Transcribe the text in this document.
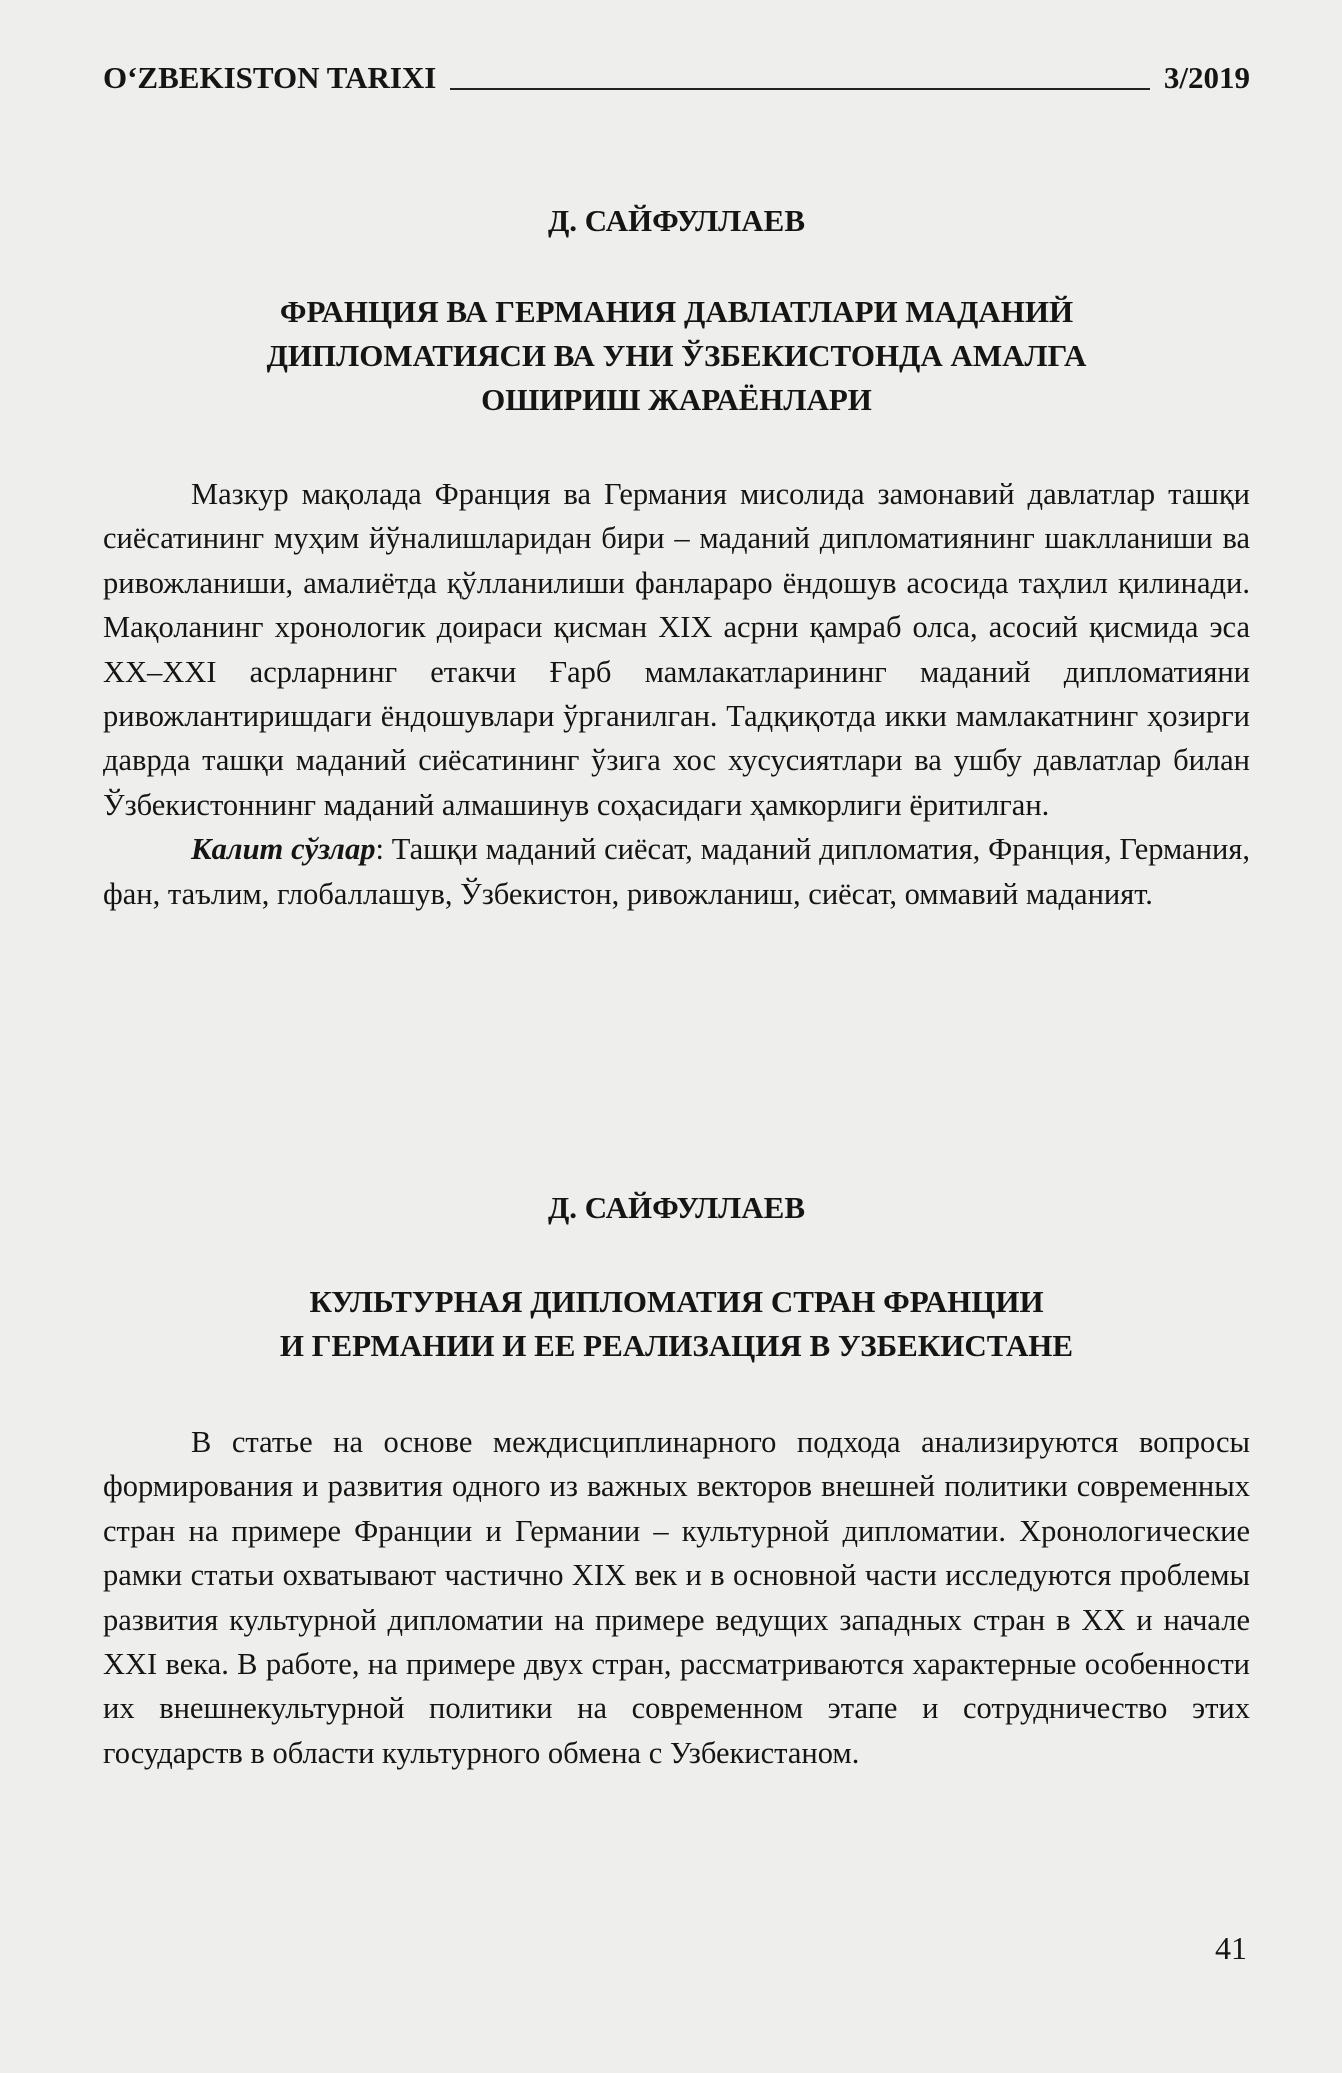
O‘ZBEKISTON TARIXI	3/2019
Д. САЙФУЛЛАЕВ
ФРАНЦИЯ ВА ГЕРМАНИЯ ДАВЛАТЛАРИ МАДАНИЙ
ДИПЛОМАТИЯСИ ВА УНИ ЎЗБЕКИСТОНДА АМАЛГА
ОШИРИШ ЖАРАЁНЛАРИ

Мазкур мақолада Франция ва Германия мисолида замонавий давлатлар ташқи сиёсатининг муҳим йўналишларидан бири – маданий дипломатиянинг шаклланиши ва ривожланиши, амалиётда қўлланилиши фанлараро ёндошув асосида таҳлил қилинади. Мақоланинг хронологик доираси қисман XIX асрни қамраб олса, асосий қисмида эса XX–XXI асрларнинг етакчи Ғарб мамлакатларининг маданий дипломатияни ривожлантиришдаги ёндошувлари ўрганилган. Тадқиқотда икки мамлакатнинг ҳозирги даврда ташқи маданий сиёсатининг ўзига хос хусусиятлари ва ушбу давлатлар билан Ўзбекистоннинг маданий алмашинув соҳасидаги ҳамкорлиги ёритилган.

Калит сўзлар: Ташқи маданий сиёсат, маданий дипломатия, Франция, Германия, фан, таълим, глобаллашув, Ўзбекистон, ривожланиш, сиёсат, оммавий маданият.

Д. САЙФУЛЛАЕВ
КУЛЬТУРНАЯ ДИПЛОМАТИЯ СТРАН ФРАНЦИИ
И ГЕРМАНИИ И ЕЕ РЕАЛИЗАЦИЯ В УЗБЕКИСТАНЕ

В статье на основе междисциплинарного подхода анализируются вопросы формирования и развития одного из важных векторов внешней политики современных стран на примере Франции и Германии – культурной дипломатии. Хронологические рамки статьи охватывают частично XIX век и в основной части исследуются проблемы развития культурной дипломатии на примере ведущих западных стран в XX и начале XXI века. В работе, на примере двух стран, рассматриваются характерные особенности их внешнекультурной политики на современном этапе и сотрудничество этих государств в области культурного обмена с Узбекистаном.

41
